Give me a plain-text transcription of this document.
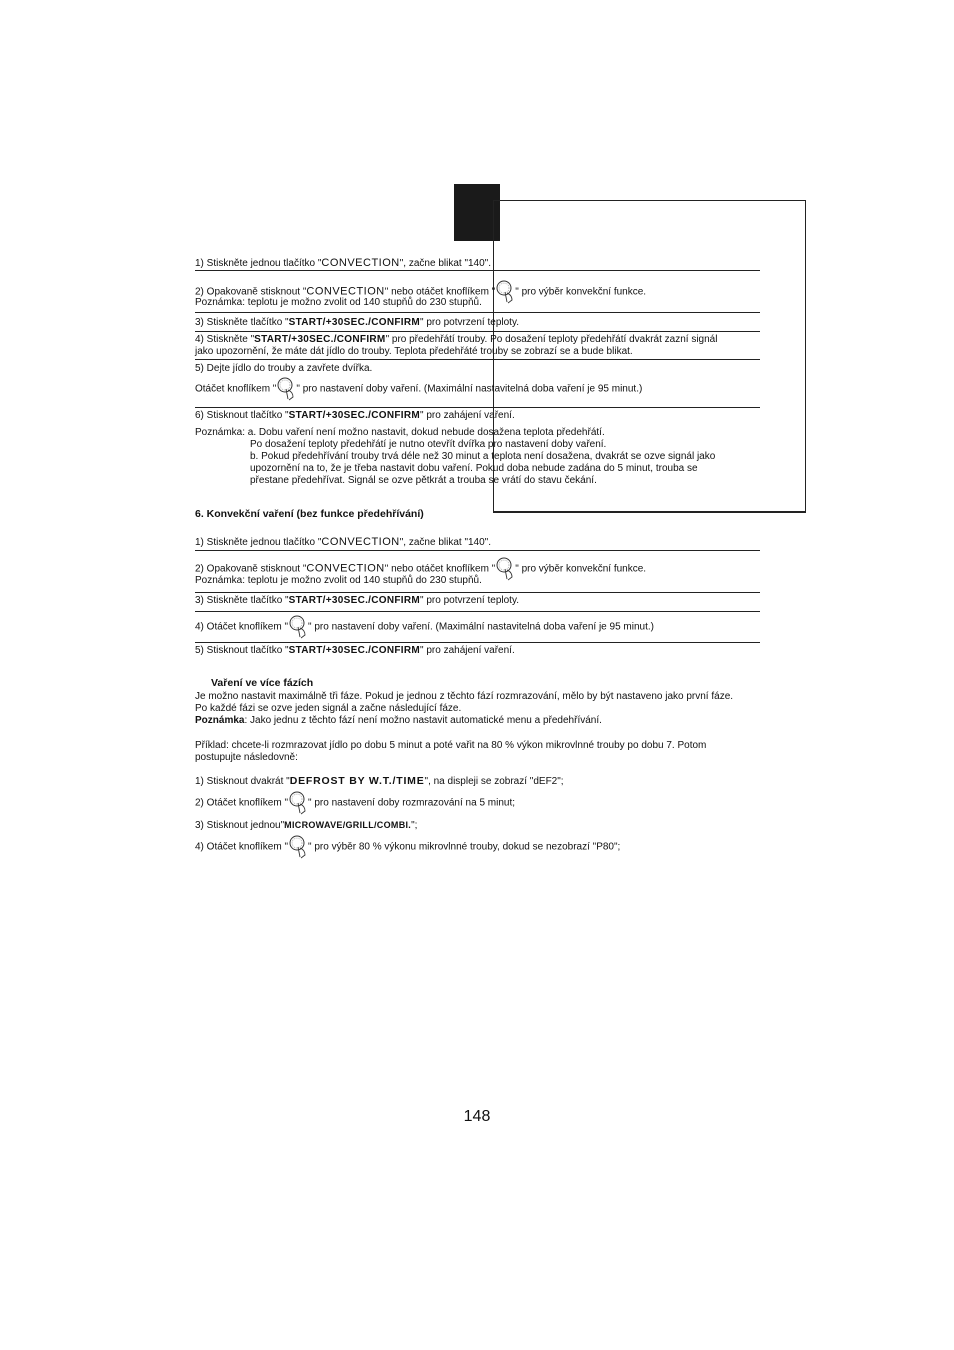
1) Stiskněte jednou tlačítko "CONVECTION", začne blikat "140".
2) Opakovaně stisknout "CONVECTION" nebo otáčet knoflíkem " " pro výběr konvekční funkce.
Poznámka: teplotu je možno zvolit od 140 stupňů do 230 stupňů.
3) Stiskněte tlačítko "START/+30SEC./CONFIRM" pro potvrzení teploty.
4) Stiskněte "START/+30SEC./CONFIRM" pro předehřátí trouby. Po dosažení teploty předehřátí dvakrát zazní signál
jako upozornění, že máte dát jídlo do trouby. Teplota předehřáté trouby se zobrazí se a bude blikat.
5) Dejte jídlo do trouby a zavřete dvířka.
Otáčet knoflíkem " " pro nastavení doby vaření. (Maximální nastavitelná doba vaření je 95 minut.)
6) Stisknout tlačítko "START/+30SEC./CONFIRM" pro zahájení vaření.
Poznámka: a. Dobu vaření není možno nastavit, dokud nebude dosažena teplota předehřátí.
Po dosažení teploty předehřátí je nutno otevřít dvířka pro nastavení doby vaření.
b. Pokud předehřívání trouby trvá déle než 30 minut a teplota není dosažena, dvakrát se ozve signál jako
upozornění na to, že je třeba nastavit dobu vaření. Pokud doba nebude zadána do 5 minut, trouba se
přestane předehřívat. Signál se ozve pětkrát a trouba se vrátí do stavu čekání.
6. Konvekční vaření (bez funkce předehřívání)
1) Stiskněte jednou tlačítko "CONVECTION", začne blikat "140".
2) Opakovaně stisknout "CONVECTION" nebo otáčet knoflíkem " " pro výběr konvekční funkce.
Poznámka: teplotu je možno zvolit od 140 stupňů do 230 stupňů.
3) Stiskněte tlačítko "START/+30SEC./CONFIRM" pro potvrzení teploty.
4) Otáčet knoflíkem " " pro nastavení doby vaření. (Maximální nastavitelná doba vaření je 95 minut.)
5) Stisknout tlačítko "START/+30SEC./CONFIRM" pro zahájení vaření.
Vaření ve více fázích
Je možno nastavit maximálně tři fáze. Pokud je jednou z těchto fází rozmrazování, mělo by být nastaveno jako první fáze.
Po každé fázi se ozve jeden signál a začne následující fáze.
Poznámka: Jako jednu z těchto fází není možno nastavit automatické menu a předehřívání.
Příklad: chcete-li rozmrazovat jídlo po dobu 5 minut a poté vařit na 80 % výkon mikrovlnné trouby po dobu 7. Potom
postupujte následovně:
1) Stisknout dvakrát "DEFROST BY W.T./TIME", na displeji se zobrazí "dEF2";
2) Otáčet knoflíkem " " pro nastavení doby rozmrazování na 5 minut;
3) Stisknout jednou"MICROWAVE/GRILL/COMBI.";
4) Otáčet knoflíkem " " pro výběr 80 % výkonu mikrovlnné trouby, dokud se nezobrazí "P80";
148
